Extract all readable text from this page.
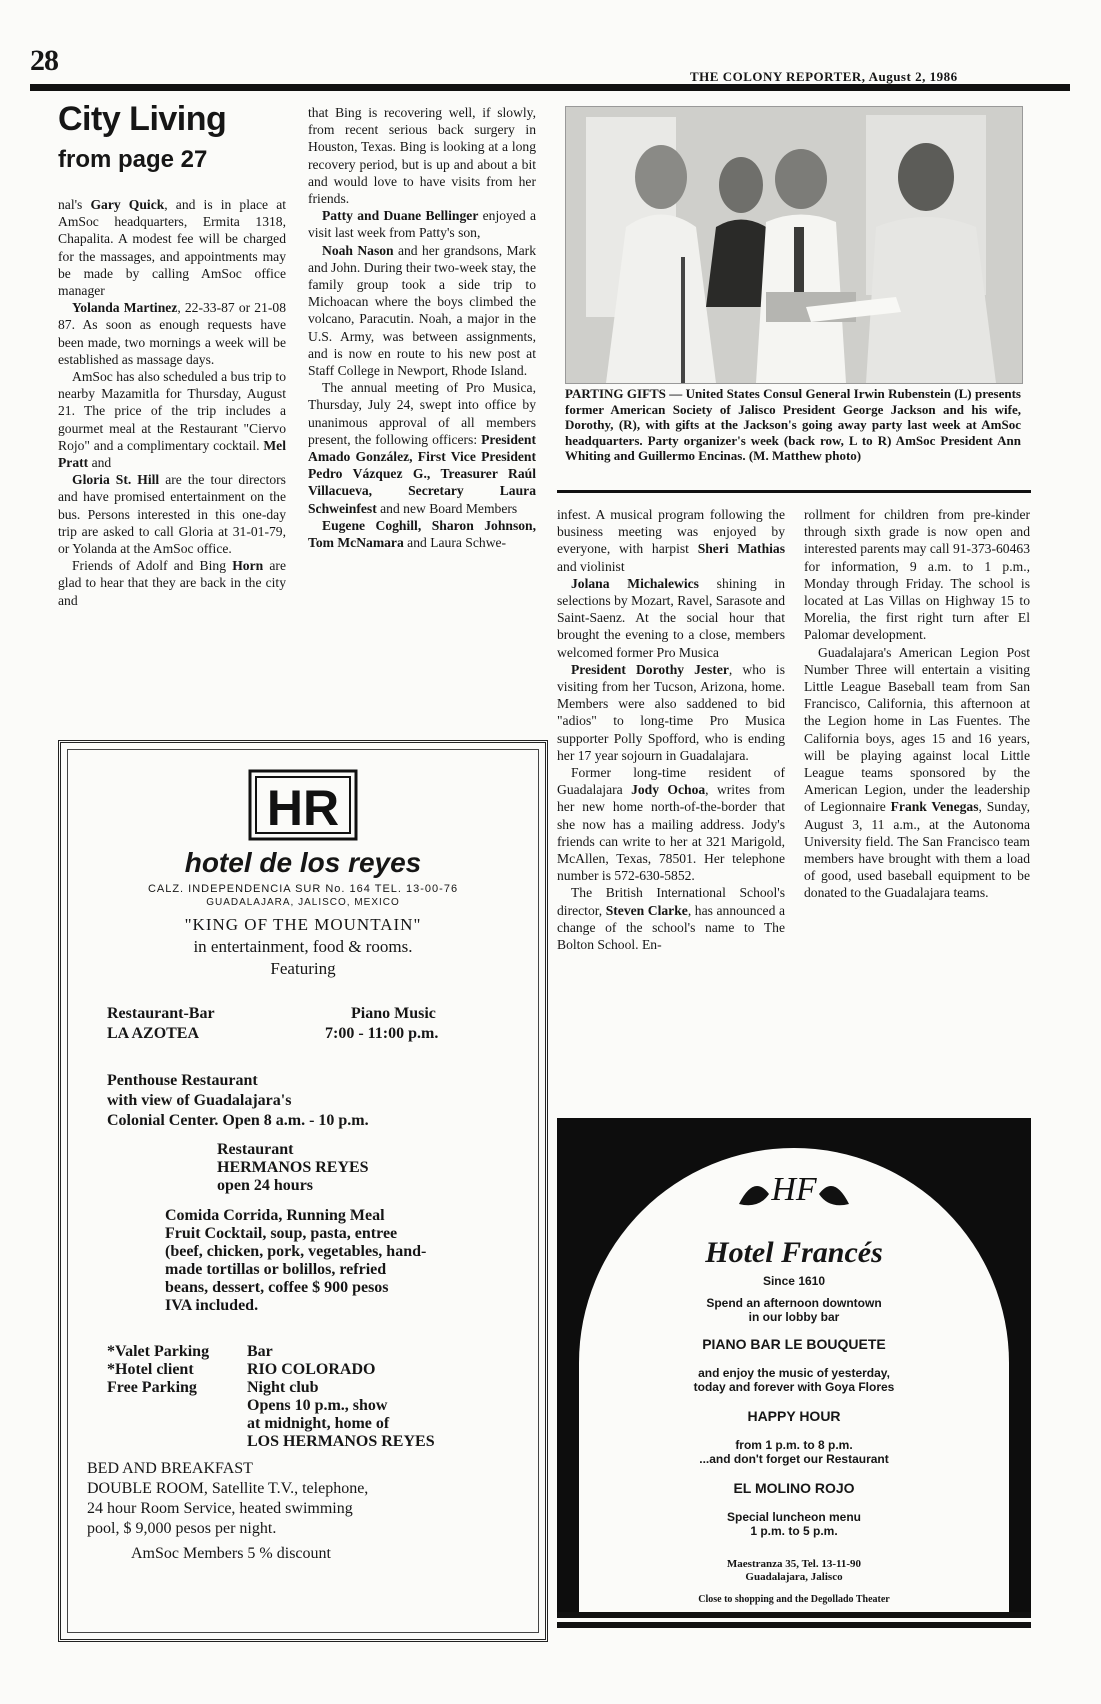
28	THE COLONY REPORTER, August 2, 1986
City Living
from page 27

nal's Gary Quick, and is in place at AmSoc headquarters, Ermita 1318, Chapalita. A modest fee will be charged for the massages, and appointments may be made by calling AmSoc office manager

Yolanda Martinez, 22-33-87 or 21-08 87. As soon as enough requests have been made, two mornings a week will be established as massage days.

AmSoc has also scheduled a bus trip to nearby Mazamitla for Thursday, August 21. The price of the trip includes a gourmet meal at the Restaurant "Ciervo Rojo" and a complimentary cocktail. Mel Pratt and

Gloria St. Hill are the tour directors and have promised entertainment on the bus. Persons interested in this one-day trip are asked to call Gloria at 31-01-79, or Yolanda at the AmSoc office.

Friends of Adolf and Bing Horn are glad to hear that they are back in the city and

that Bing is recovering well, if slowly, from recent serious back surgery in Houston, Texas. Bing is looking at a long recovery period, but is up and about a bit and would love to have visits from her friends.

Patty and Duane Bellinger enjoyed a visit last week from Patty's son,

Noah Nason and her grandsons, Mark and John. During their two-week stay, the family group took a side trip to Michoacan where the boys climbed the volcano, Paracutin. Noah, a major in the U.S. Army, was between assignments, and is now en route to his new post at Staff College in Newport, Rhode Island.

The annual meeting of Pro Musica, Thursday, July 24, swept into office by unanimous approval of all members present, the following officers: President Amado González, First Vice President Pedro Vázquez G., Treasurer Raúl Villacueva, Secretary Laura Schweinfest and new Board Members

Eugene Coghill, Sharon Johnson, Tom McNamara and Laura Schwe-

infest. A musical program following the business meeting was enjoyed by everyone, with harpist Sheri Mathias and violinist

Jolana Michalewics shining in selections by Mozart, Ravel, Sarasote and Saint-Saenz. At the social hour that brought the evening to a close, members welcomed former Pro Musica

President Dorothy Jester, who is visiting from her Tucson, Arizona, home. Members were also saddened to bid "adios" to long-time Pro Musica supporter Polly Spofford, who is ending her 17 year sojourn in Guadalajara.

Former long-time resident of Guadalajara Jody Ochoa, writes from her new home north-of-the-border that she now has a mailing address. Jody's friends can write to her at 321 Marigold, McAllen, Texas, 78501. Her telephone number is 572-630-5852.

The British International School's director, Steven Clarke, has announced a change of the school's name to The Bolton School. En-

rollment for children from pre-kinder through sixth grade is now open and interested parents may call 91-373-60463 for information, 9 a.m. to 1 p.m., Monday through Friday. The school is located at Las Villas on Highway 15 to Morelia, the first right turn after El Palomar development.

Guadalajara's American Legion Post Number Three will entertain a visiting Little League Baseball team from San Francisco, California, this afternoon at the Legion home in Las Fuentes. The California boys, ages 15 and 16 years, will be playing against local Little League teams sponsored by the American Legion, under the leadership of Legionnaire Frank Venegas, Sunday, August 3, 11 a.m., at the Autonoma University field. The San Francisco team members have brought with them a load of good, used baseball equipment to be donated to the Guadalajara teams.

PARTING GIFTS — United States Consul General Irwin Rubenstein (L) presents former American Society of Jalisco President George Jackson and his wife, Dorothy, (R), with gifts at the Jackson's going away party last week at AmSoc headquarters. Party organizer's week (back row, L to R) AmSoc President Ann Whiting and Guillermo Encinas. (M. Matthew photo)
HR
hotel de los reyes
CALZ. INDEPENDENCIA SUR No. 164 TEL. 13-00-76
GUADALAJARA, JALISCO, MEXICO
"KING OF THE MOUNTAIN"
in entertainment, food & rooms.
Featuring
Restaurant-Bar
LA AZOTEA
Piano Music
7:00 - 11:00 p.m.
Penthouse Restaurant
with view of Guadalajara's
Colonial Center. Open 8 a.m. - 10 p.m.
Restaurant
HERMANOS REYES
open 24 hours
Comida Corrida, Running Meal
Fruit Cocktail, soup, pasta, entree
(beef, chicken, pork, vegetables, hand-
made tortillas or bolillos, refried
beans, dessert, coffee $ 900 pesos
IVA included.
*Valet Parking
*Hotel client
Free Parking
Bar
RIO COLORADO
Night club
Opens 10 p.m., show
at midnight, home of
LOS HERMANOS REYES
BED AND BREAKFAST
DOUBLE ROOM, Satellite T.V., telephone,
24 hour Room Service, heated swimming
pool, $ 9,000 pesos per night.
AmSoc Members 5 % discount
HF
Hotel Francés
Since 1610
Spend an afternoon downtown
in our lobby bar
PIANO BAR LE BOUQUETE
and enjoy the music of yesterday,
today and forever with Goya Flores
HAPPY HOUR
from 1 p.m. to 8 p.m.
...and don't forget our Restaurant
EL MOLINO ROJO
Special luncheon menu
1 p.m. to 5 p.m.
Maestranza 35, Tel. 13-11-90
Guadalajara, Jalisco
Close to shopping and the Degollado Theater
